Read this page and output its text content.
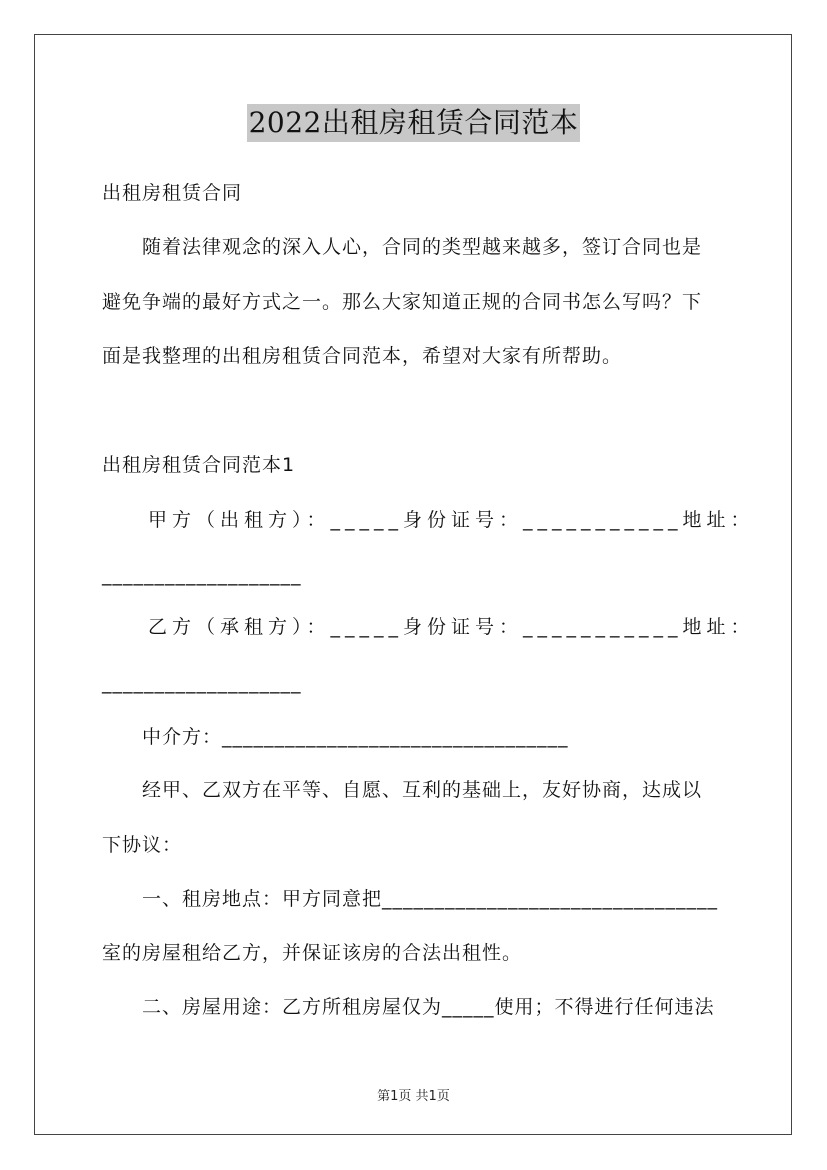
2022出租房租赁合同范本
出租房租赁合同
随着法律观念的深入人心，合同的类型越来越多，签订合同也是
避免争端的最好方式之一。那么大家知道正规的合同书怎么写吗？下
面是我整理的出租房租赁合同范本，希望对大家有所帮助。
出租房租赁合同范本1
甲方（出租方）：_____身份证号：___________地址：
___________________
乙方（承租方）：_____身份证号：___________地址：
___________________
中介方：_________________________________
经甲、乙双方在平等、自愿、互利的基础上，友好协商，达成以
下协议：
一、租房地点：甲方同意把________________________________
室的房屋租给乙方，并保证该房的合法出租性。
二、房屋用途：乙方所租房屋仅为_____使用；不得进行任何违法
第1页 共1页
